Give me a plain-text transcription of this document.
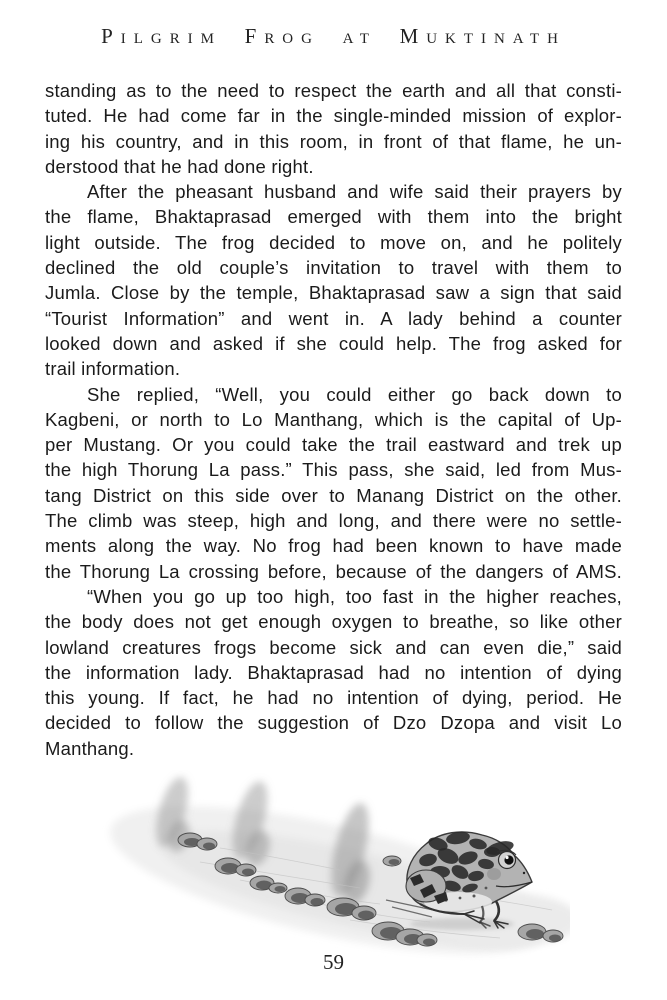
Pilgrim Frog at Muktinath
standing as to the need to respect the earth and all that consti-
tuted. He had come far in the single-minded mission of explor-
ing his country, and in this room, in front of that flame, he un-
derstood that he had done right.
After the pheasant husband and wife said their prayers by
the flame, Bhaktaprasad emerged with them into the bright
light outside. The frog decided to move on, and he politely
declined the old couple’s invitation to travel with them to
Jumla. Close by the temple, Bhaktaprasad saw a sign that said
“Tourist Information” and went in. A lady behind a counter
looked down and asked if she could help. The frog asked for
trail information.
She replied, “Well, you could either go back down to
Kagbeni, or north to Lo Manthang, which is the capital of Up-
per Mustang. Or you could take the trail eastward and trek up
the high Thorung La pass.” This pass, she said, led from Mus-
tang District on this side over to Manang District on the other.
The climb was steep, high and long, and there were no settle-
ments along the way. No frog had been known to have made
the Thorung La crossing before, because of the dangers of AMS.
“When you go up too high, too fast in the higher reaches,
the body does not get enough oxygen to breathe, so like other
lowland creatures frogs become sick and can even die,” said
the information lady. Bhaktaprasad had no intention of dying
this young. If fact, he had no intention of dying, period. He
decided to follow the suggestion of Dzo Dzopa and visit Lo
Manthang.
59
